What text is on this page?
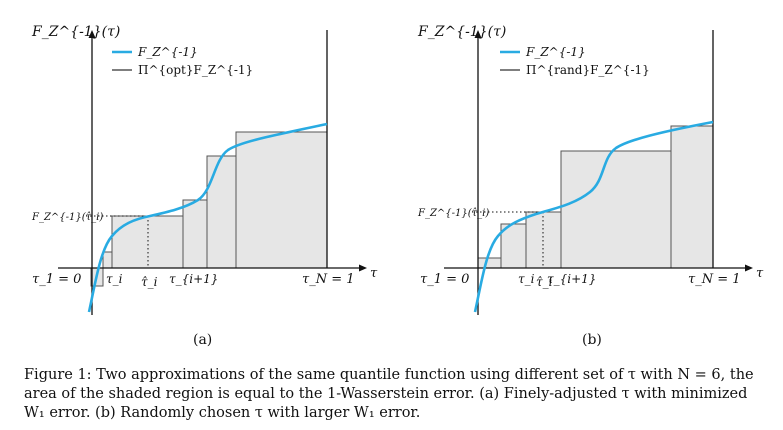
F_Z^{-1}
Π^{opt}F_Z^{-1}
F_Z^{-1}(τ)
F_Z^{-1}(τ̂_i)
τ_1 = 0 τ_i τ̂_i τ_{i+1}	τ_N = 1 τ
F_Z^{-1}
Π^{rand}F_Z^{-1}
F_Z^{-1}(τ)
F_Z^{-1}(τ̂_i)
τ_1 = 0	τ_i τ̂_i
τ_{i+1}	τ_N = 1 τ
(a)	(b)
Figure 1: Two approximations of the same quantile function using different set of τ with N = 6, the
area of the shaded region is equal to the 1-Wasserstein error. (a) Finely-adjusted τ with minimized
W₁ error. (b) Randomly chosen τ with larger W₁ error.
